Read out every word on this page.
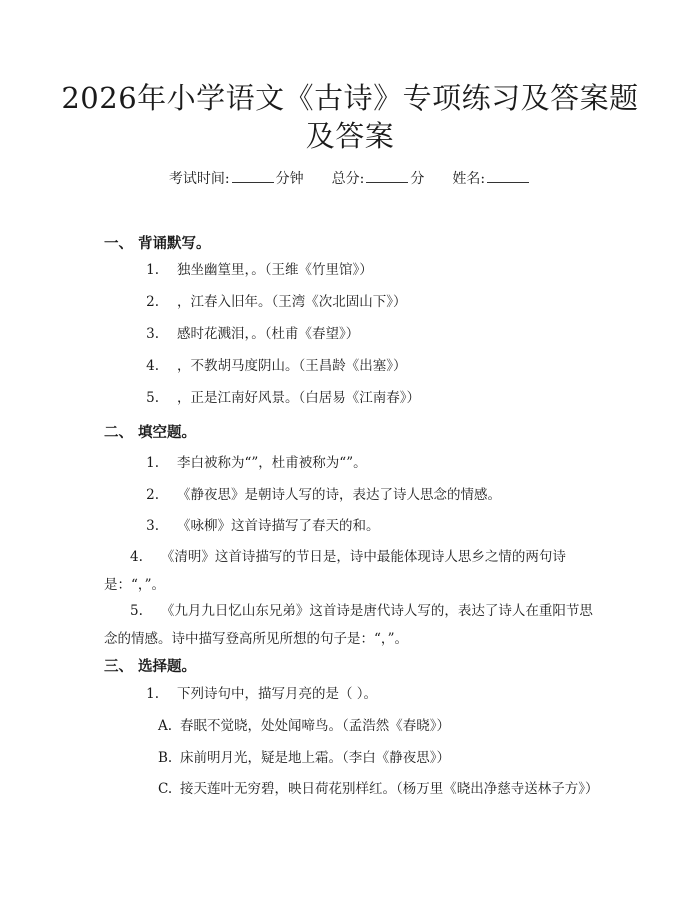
2026年小学语文《古诗》专项练习及答案题
及答案
考试时间:	分钟 总分:	分 姓名:
一、 背诵默写。
1. 独坐幽篁里，。（王维《竹里馆》）
2. ，江春入旧年。（王湾《次北固山下》）
3. 感时花溅泪，。（杜甫《春望》）
4. ，不教胡马度阴山。（王昌龄《出塞》）
5. ，正是江南好风景。（白居易《江南春》）
二、 填空题。
1. 李白被称为“”，杜甫被称为“”。
2. 《静夜思》是朝诗人写的诗，表达了诗人思念的情感。
3. 《咏柳》这首诗描写了春天的和。
4. 《清明》这首诗描写的节日是，诗中最能体现诗人思乡之情的两句诗是：“，”。
5. 《九月九日忆山东兄弟》这首诗是唐代诗人写的，表达了诗人在重阳节思念的情感。诗中描写登高所见所想的句子是：“，”。
三、 选择题。
1. 下列诗句中，描写月亮的是（ ）。
A. 春眠不觉晓，处处闻啼鸟。（孟浩然《春晓》）
B. 床前明月光，疑是地上霜。（李白《静夜思》）
C. 接天莲叶无穷碧，映日荷花别样红。（杨万里《晓出净慈寺送林子方》）
